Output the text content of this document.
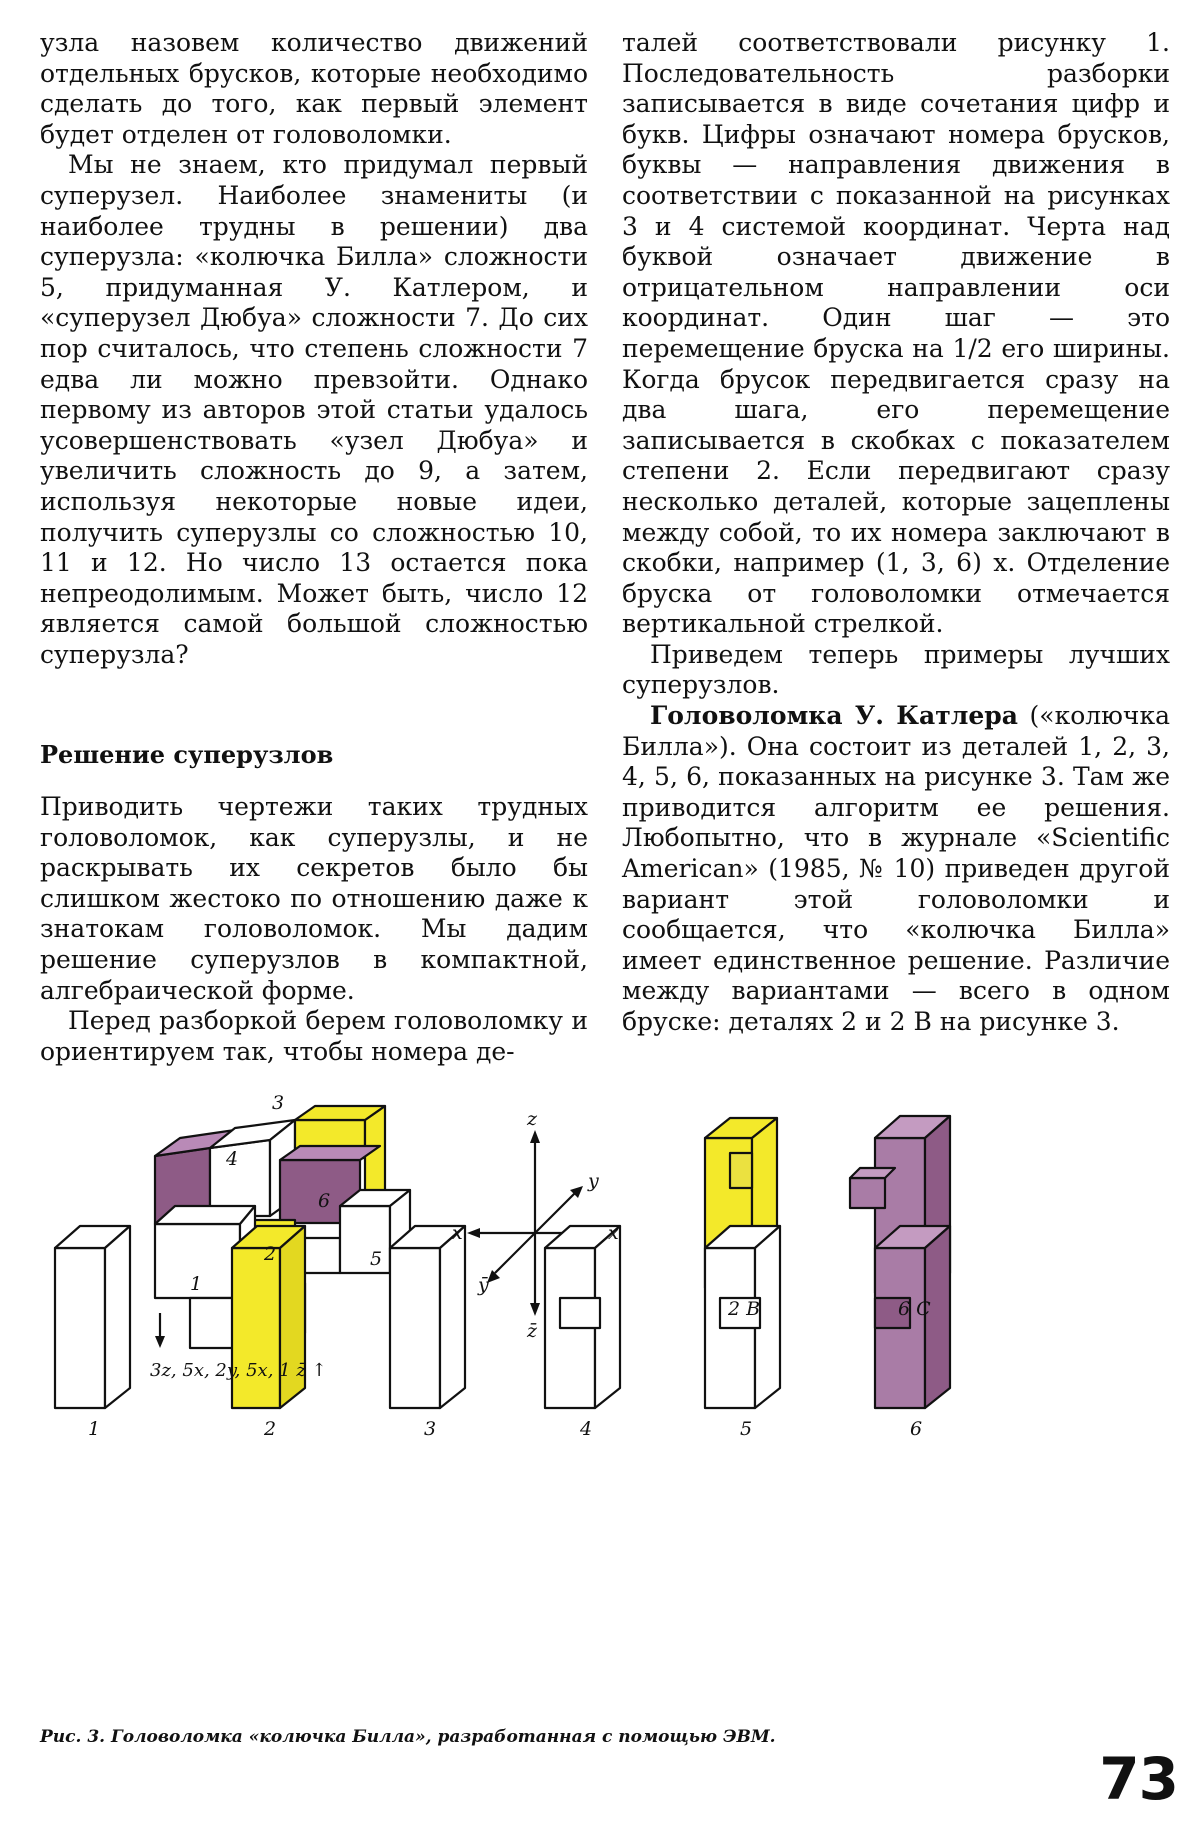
узла назовем количество движений отдельных брусков, которые необходимо сделать до того, как первый элемент будет отделен от головоломки.

Мы не знаем, кто придумал первый суперузел. Наиболее знамениты (и наиболее трудны в решении) два суперузла: «колючка Билла» сложности 5, придуманная У. Катлером, и «суперузел Дюбуа» сложности 7. До сих пор считалось, что степень сложности 7 едва ли можно превзойти. Однако первому из авторов этой статьи удалось усовершенствовать «узел Дюбуа» и увеличить сложность до 9, а затем, используя некоторые новые идеи, получить суперузлы со сложностью 10, 11 и 12. Но число 13 остается пока непреодолимым. Может быть, число 12 является самой большой сложностью суперузла?

Решение суперузлов

Приводить чертежи таких трудных головоломок, как суперузлы, и не раскрывать их секретов было бы слишком жестоко по отношению даже к знатокам головоломок. Мы дадим решение суперузлов в компактной, алгебраической форме.

Перед разборкой берем головоломку и ориентируем так, чтобы номера де-

талей соответствовали рисунку 1. Последовательность разборки записывается в виде сочетания цифр и букв. Цифры означают номера брусков, буквы — направления движения в соответствии с показанной на рисунках 3 и 4 системой координат. Черта над буквой означает движение в отрицательном направлении оси координат. Один шаг — это перемещение бруска на 1/2 его ширины. Когда брусок передвигается сразу на два шага, его перемещение записывается в скобках с показателем степени 2. Если передвигают сразу несколько деталей, которые зацеплены между собой, то их номера заключают в скобки, например (1, 3, 6) x. Отделение бруска от головоломки отмечается вертикальной стрелкой.

Приведем теперь примеры лучших суперузлов.

Головоломка У. Катлера («колючка Билла»). Она состоит из деталей 1, 2, 3, 4, 5, 6, показанных на рисунке 3. Там же приводится алгоритм ее решения. Любопытно, что в журнале «Scientific American» (1985, № 10) приведен другой вариант этой головоломки и сообщается, что «колючка Билла» имеет единственное решение. Различие между вариантами — всего в одном бруске: деталях 2 и 2 B на рисунке 3.

4
3
6
2
1
5
3z, 5x, 2y, 5x, 1 z̄ ↑
z
y
x
x̄
ȳ
z̄
2 B	6 C
1	2	3	4	5	6
Рис. 3. Головоломка «колючка Билла», разработанная с помощью ЭВМ.
73
